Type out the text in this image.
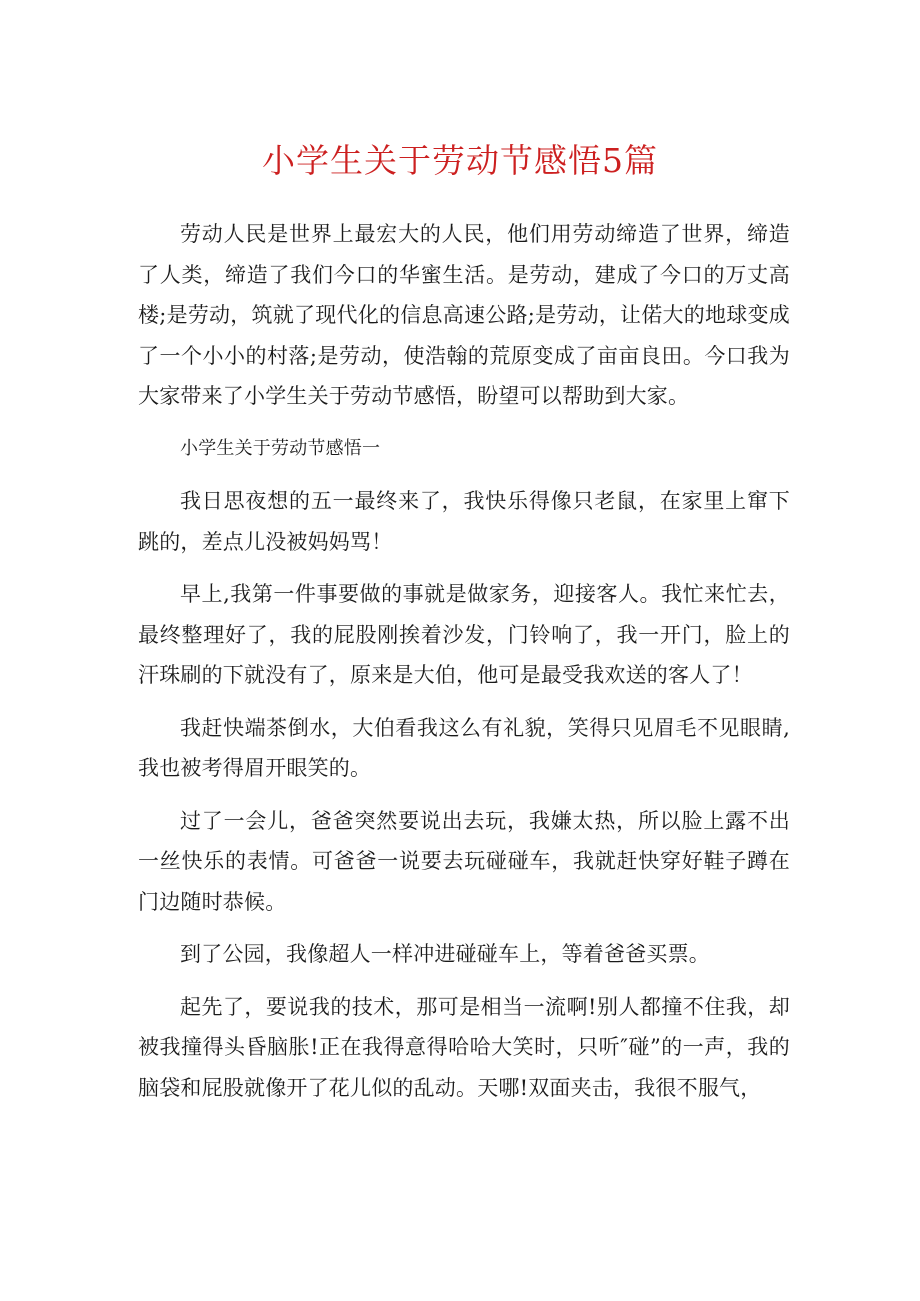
小学生关于劳动节感悟5篇

劳动人民是世界上最宏大的人民，他们用劳动缔造了世界，缔造了人类，缔造了我们今口的华蜜生活。是劳动，建成了今口的万丈高楼;是劳动，筑就了现代化的信息高速公路;是劳动，让偌大的地球变成了一个小小的村落;是劳动，使浩翰的荒原变成了亩亩良田。今口我为大家带来了小学生关于劳动节感悟，盼望可以帮助到大家。

小学生关于劳动节感悟一

我日思夜想的五一最终来了，我快乐得像只老鼠，在家里上窜下跳的，差点儿没被妈妈骂！

早上,我第一件事要做的事就是做家务，迎接客人。我忙来忙去，最终整理好了，我的屁股刚挨着沙发，门铃响了，我一开门，脸上的汗珠刷的下就没有了，原来是大伯，他可是最受我欢送的客人了！

我赶快端茶倒水，大伯看我这么有礼貌，笑得只见眉毛不见眼睛,我也被考得眉开眼笑的。

过了一会儿，爸爸突然要说出去玩，我嫌太热，所以脸上露不出一丝快乐的表情。可爸爸一说要去玩碰碰车，我就赶快穿好鞋子蹲在门边随时恭候。

到了公园，我像超人一样冲进碰碰车上，等着爸爸买票。

起先了，要说我的技术，那可是相当一流啊!别人都撞不住我，却被我撞得头昏脑胀!正在我得意得哈哈大笑时，只听″碰”的一声，我的脑袋和屁股就像开了花儿似的乱动。天哪!双面夹击，我很不服气，
